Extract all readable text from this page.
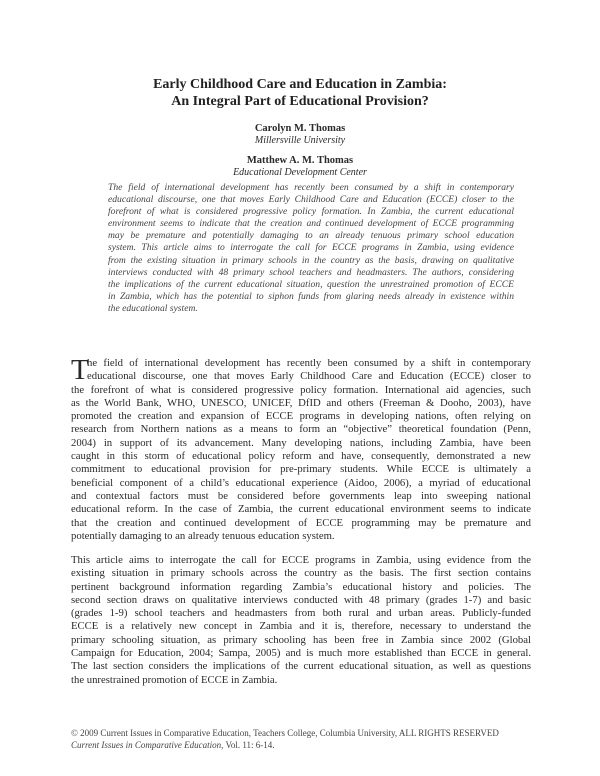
Early Childhood Care and Education in Zambia:
An Integral Part of Educational Provision?
Carolyn M. Thomas
Millersville University
Matthew A. M. Thomas
Educational Development Center
The field of international development has recently been consumed by a shift in contemporary
educational discourse, one that moves Early Childhood Care and Education (ECCE) closer to the
forefront of what is considered progressive policy formation. In Zambia, the current educational
environment seems to indicate that the creation and continued development of ECCE programming
may be premature and potentially damaging to an already tenuous primary school education
system. This article aims to interrogate the call for ECCE programs in Zambia, using evidence
from the existing situation in primary schools in the country as the basis, drawing on qualitative
interviews conducted with 48 primary school teachers and headmasters. The authors, considering
the implications of the current educational situation, question the unrestrained promotion of ECCE
in Zambia, which has the potential to siphon funds from glaring needs already in existence within
the educational system.
T
he field of international development has recently been consumed by a shift in contemporary
educational discourse, one that moves Early Childhood Care and Education (ECCE) closer to
the forefront of what is considered progressive policy formation. International aid agencies, such
as the World Bank, WHO, UNESCO, UNICEF, DfID and others (Freeman & Dooho, 2003), have
promoted the creation and expansion of ECCE programs in developing nations, often relying on
research from Northern nations as a means to form an “objective” theoretical foundation (Penn,
2004) in support of its advancement. Many developing nations, including Zambia, have been
caught in this storm of educational policy reform and have, consequently, demonstrated a new
commitment to educational provision for pre-primary students. While ECCE is ultimately a
beneficial component of a child’s educational experience (Aidoo, 2006), a myriad of educational
and contextual factors must be considered before governments leap into sweeping national
educational reform. In the case of Zambia, the current educational environment seems to indicate
that the creation and continued development of ECCE programming may be premature and
potentially damaging to an already tenuous education system.
This article aims to interrogate the call for ECCE programs in Zambia, using evidence from the
existing situation in primary schools across the country as the basis. The first section contains
pertinent background information regarding Zambia’s educational history and policies. The
second section draws on qualitative interviews conducted with 48 primary (grades 1-7) and basic
(grades 1-9) school teachers and headmasters from both rural and urban areas. Publicly-funded
ECCE is a relatively new concept in Zambia and it is, therefore, necessary to understand the
primary schooling situation, as primary schooling has been free in Zambia since 2002 (Global
Campaign for Education, 2004; Sampa, 2005) and is much more established than ECCE in general.
The last section considers the implications of the current educational situation, as well as questions
the unrestrained promotion of ECCE in Zambia.
© 2009 Current Issues in Comparative Education, Teachers College, Columbia University, ALL RIGHTS RESERVED
Current Issues in Comparative Education, Vol. 11: 6-14.
